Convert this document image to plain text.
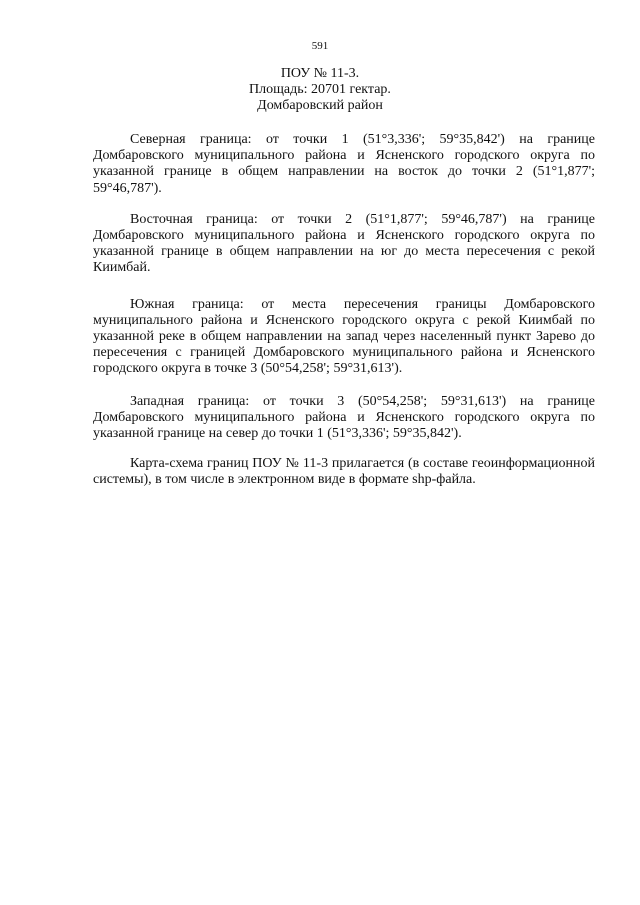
591
ПОУ № 11-3.
Площадь: 20701 гектар.
Домбаровский район

Северная граница: от точки 1 (51°3,336'; 59°35,842') на границе Домбаровского муниципального района и Ясненского городского округа по указанной границе в общем направлении на восток до точки 2 (51°1,877'; 59°46,787').

Восточная граница: от точки 2 (51°1,877'; 59°46,787') на границе Домбаровского муниципального района и Ясненского городского округа по указанной границе в общем направлении на юг до места пересечения с рекой Киимбай.

Южная граница: от места пересечения границы Домбаровского муниципального района и Ясненского городского округа с рекой Киимбай по указанной реке в общем направлении на запад через населенный пункт Зарево до пересечения с границей Домбаровского муниципального района и Ясненского городского округа в точке 3 (50°54,258'; 59°31,613').

Западная граница: от точки 3 (50°54,258'; 59°31,613') на границе Домбаровского муниципального района и Ясненского городского округа по указанной границе на север до точки 1 (51°3,336'; 59°35,842').

Карта-схема границ ПОУ № 11-3 прилагается (в составе геоинформационной системы), в том числе в электронном виде в формате shp-файла.
